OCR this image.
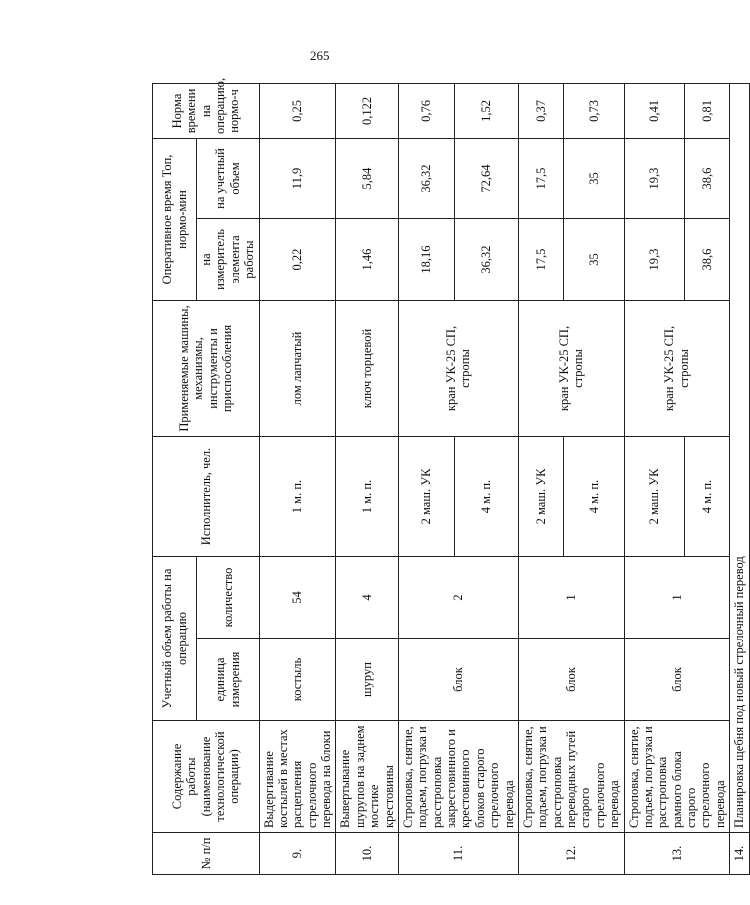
265
№ п/п	Содержание работы (наименование технологической операции)	Учетный объем работы на операцию		Исполнитель, чел.	Применяемые машины, механизмы, инструменты и приспособления	Оперативное время Топ, нормо-мин		Норма времени на операцию, нормо-ч
		единица измерения	количество			на измеритель элемента работы	на учетный объем	
9.	Выдергивание костылей в местах расцепления стрелочного перевода на блоки	костыль	54	1 м. п.	лом лапчатый	0,22	11,9	0,25
10.	Вывертывание шурупов на заднем мостике крестовины	шуруп	4	1 м. п.	ключ торцевой	1,46	5,84	0,122
11.	Строповка, снятие, подъем, погрузка и расстроповка закрестовинного и крестовинного блоков старого стрелочного перевода	блок	2	2 маш. УК	кран УК-25 СП, стропы	18,16	36,32	0,76
				4 м. п.		36,32	72,64	1,52
12.	Строповка, снятие, подъем, погрузка и расстроповка переводных путей старого стрелочного перевода	блок	1	2 маш. УК	кран УК-25 СП, стропы	17,5	17,5	0,37
				4 м. п.		35	35	0,73
13.	Строповка, снятие, подъем, погрузка и расстроповка рамного блока старого стрелочного перевода	блок	1	2 маш. УК	кран УК-25 СП, стропы	19,3	19,3	0,41
				4 м. п.		38,6	38,6	0,81
14.	Планировка щебня под новый стрелочный перевод							
